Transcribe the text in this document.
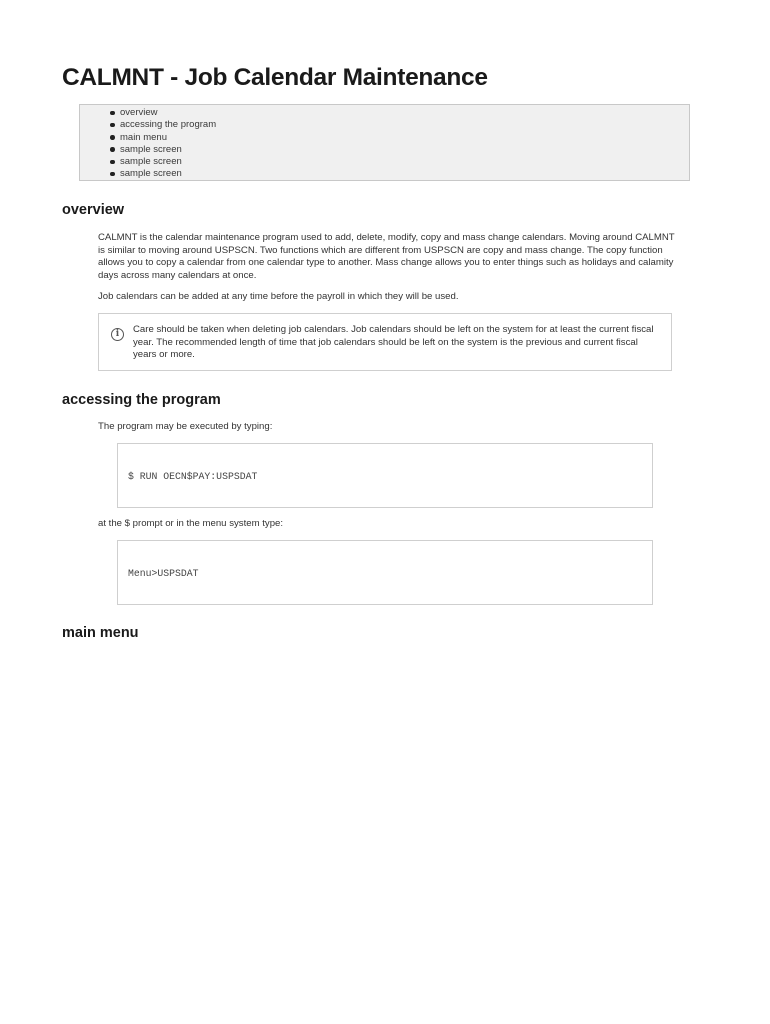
CALMNT - Job Calendar Maintenance
overview
accessing the program
main menu
sample screen
sample screen
sample screen
overview

CALMNT is the calendar maintenance program used to add, delete, modify, copy and mass change calendars. Moving around CALMNT is similar to moving around USPSCN. Two functions which are different from USPSCN are copy and mass change. The copy function allows you to copy a calendar from one calendar type to another. Mass change allows you to enter things such as holidays and calamity days across many calendars at once.

Job calendars can be added at any time before the payroll in which they will be used.

i	Care should be taken when deleting job calendars. Job calendars should be left on the system for at least the current fiscal year. The recommended length of time that job calendars should be left on the system is the previous and current fiscal years or more.

accessing the program

The program may be executed by typing:

$ RUN OECN$PAY:USPSDAT

at the $ prompt or in the menu system type:

Menu>USPSDAT
main menu
